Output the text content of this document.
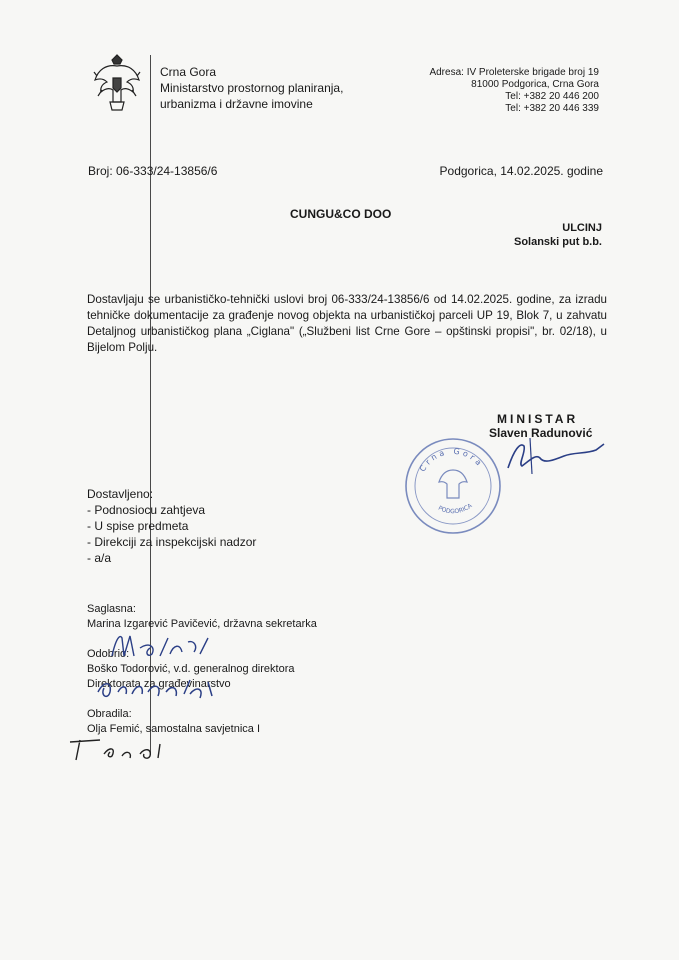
Crna Gora
Ministarstvo prostornog planiranja,
urbanizma i državne imovine
Adresa: IV Proleterske brigade broj 19
81000 Podgorica, Crna Gora
Tel: +382 20 446 200
Tel: +382 20 446 339
Broj: 06-333/24-13856/6	Podgorica, 14.02.2025. godine
CUNGU&CO DOO
ULCINJ
Solanski put b.b.
Dostavljaju se urbanističko-tehnički uslovi broj 06-333/24-13856/6 od 14.02.2025. godine, za izradu tehničke dokumentacije za građenje novog objekta na urbanističkoj parceli UP 19, Blok 7, u zahvatu Detaljnog urbanističkog plana „Ciglana" („Službeni list Crne Gore – opštinski propisi", br. 02/18), u Bijelom Polju.
MINISTAR
Slaven Radunović
Crna Gora
PODGORICA
Dostavljeno:
- Podnosiocu zahtjeva
- U spise predmeta
- Direkciji za inspekcijski nadzor
- a/a
Saglasna:
Marina Izgarević Pavičević, državna sekretarka
Odobrio:
Boško Todorović, v.d. generalnog direktora
Direktorata za građevinarstvo
Obradila:
Olja Femić, samostalna savjetnica I
